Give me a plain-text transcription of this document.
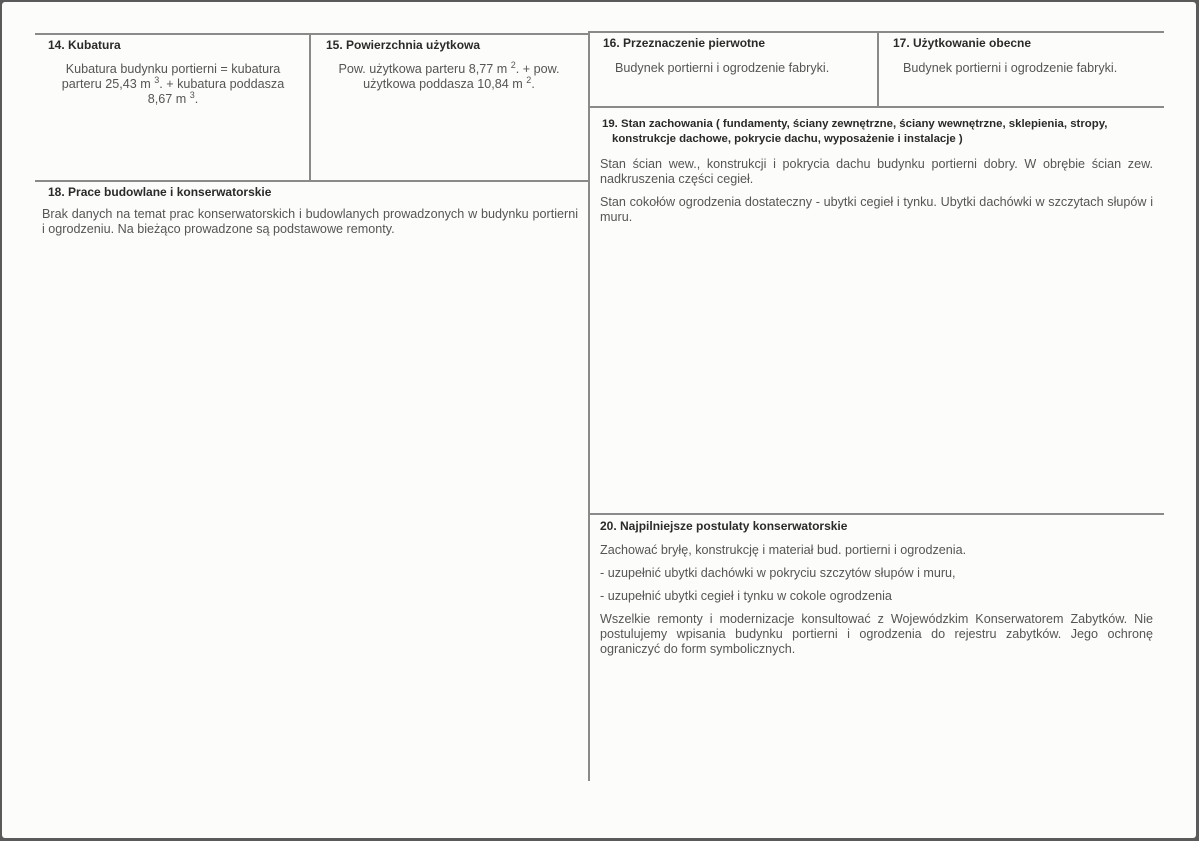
14. Kubatura
Kubatura budynku portierni = kubatura
parteru 25,43 m $^3$. + kubatura poddasza
8,67 m $^3$.
15. Powierzchnia użytkowa
Pow. użytkowa parteru 8,77 m $^2$. + pow.
użytkowa poddasza 10,84 m $^2$.
16. Przeznaczenie pierwotne
Budynek portierni i ogrodzenie fabryki.
17. Użytkowanie obecne
Budynek portierni i ogrodzenie fabryki.
18. Prace budowlane i konserwatorskie
Brak danych na temat prac konserwatorskich i budowlanych prowadzonych w budynku portierni i ogrodzeniu. Na bieżąco prowadzone są podstawowe remonty.
19. Stan zachowania ( fundamenty, ściany zewnętrzne, ściany wewnętrzne, sklepienia, stropy,
konstrukcje dachowe, pokrycie dachu, wyposażenie i instalacje )

Stan ścian wew., konstrukcji i pokrycia dachu budynku portierni dobry. W obrębie ścian zew. nadkruszenia części cegieł.

Stan cokołów ogrodzenia dostateczny - ubytki cegieł i tynku. Ubytki dachówki w szczytach słupów i muru.

20. Najpilniejsze postulaty konserwatorskie

Zachować bryłę, konstrukcję i materiał bud. portierni i ogrodzenia.

- uzupełnić ubytki dachówki w pokryciu szczytów słupów i muru,

- uzupełnić ubytki cegieł i tynku w cokole ogrodzenia

Wszelkie remonty i modernizacje konsultować z Wojewódzkim Konserwatorem Zabytków. Nie postulujemy wpisania budynku portierni i ogrodzenia do rejestru zabytków. Jego ochronę ograniczyć do form symbolicznych.
